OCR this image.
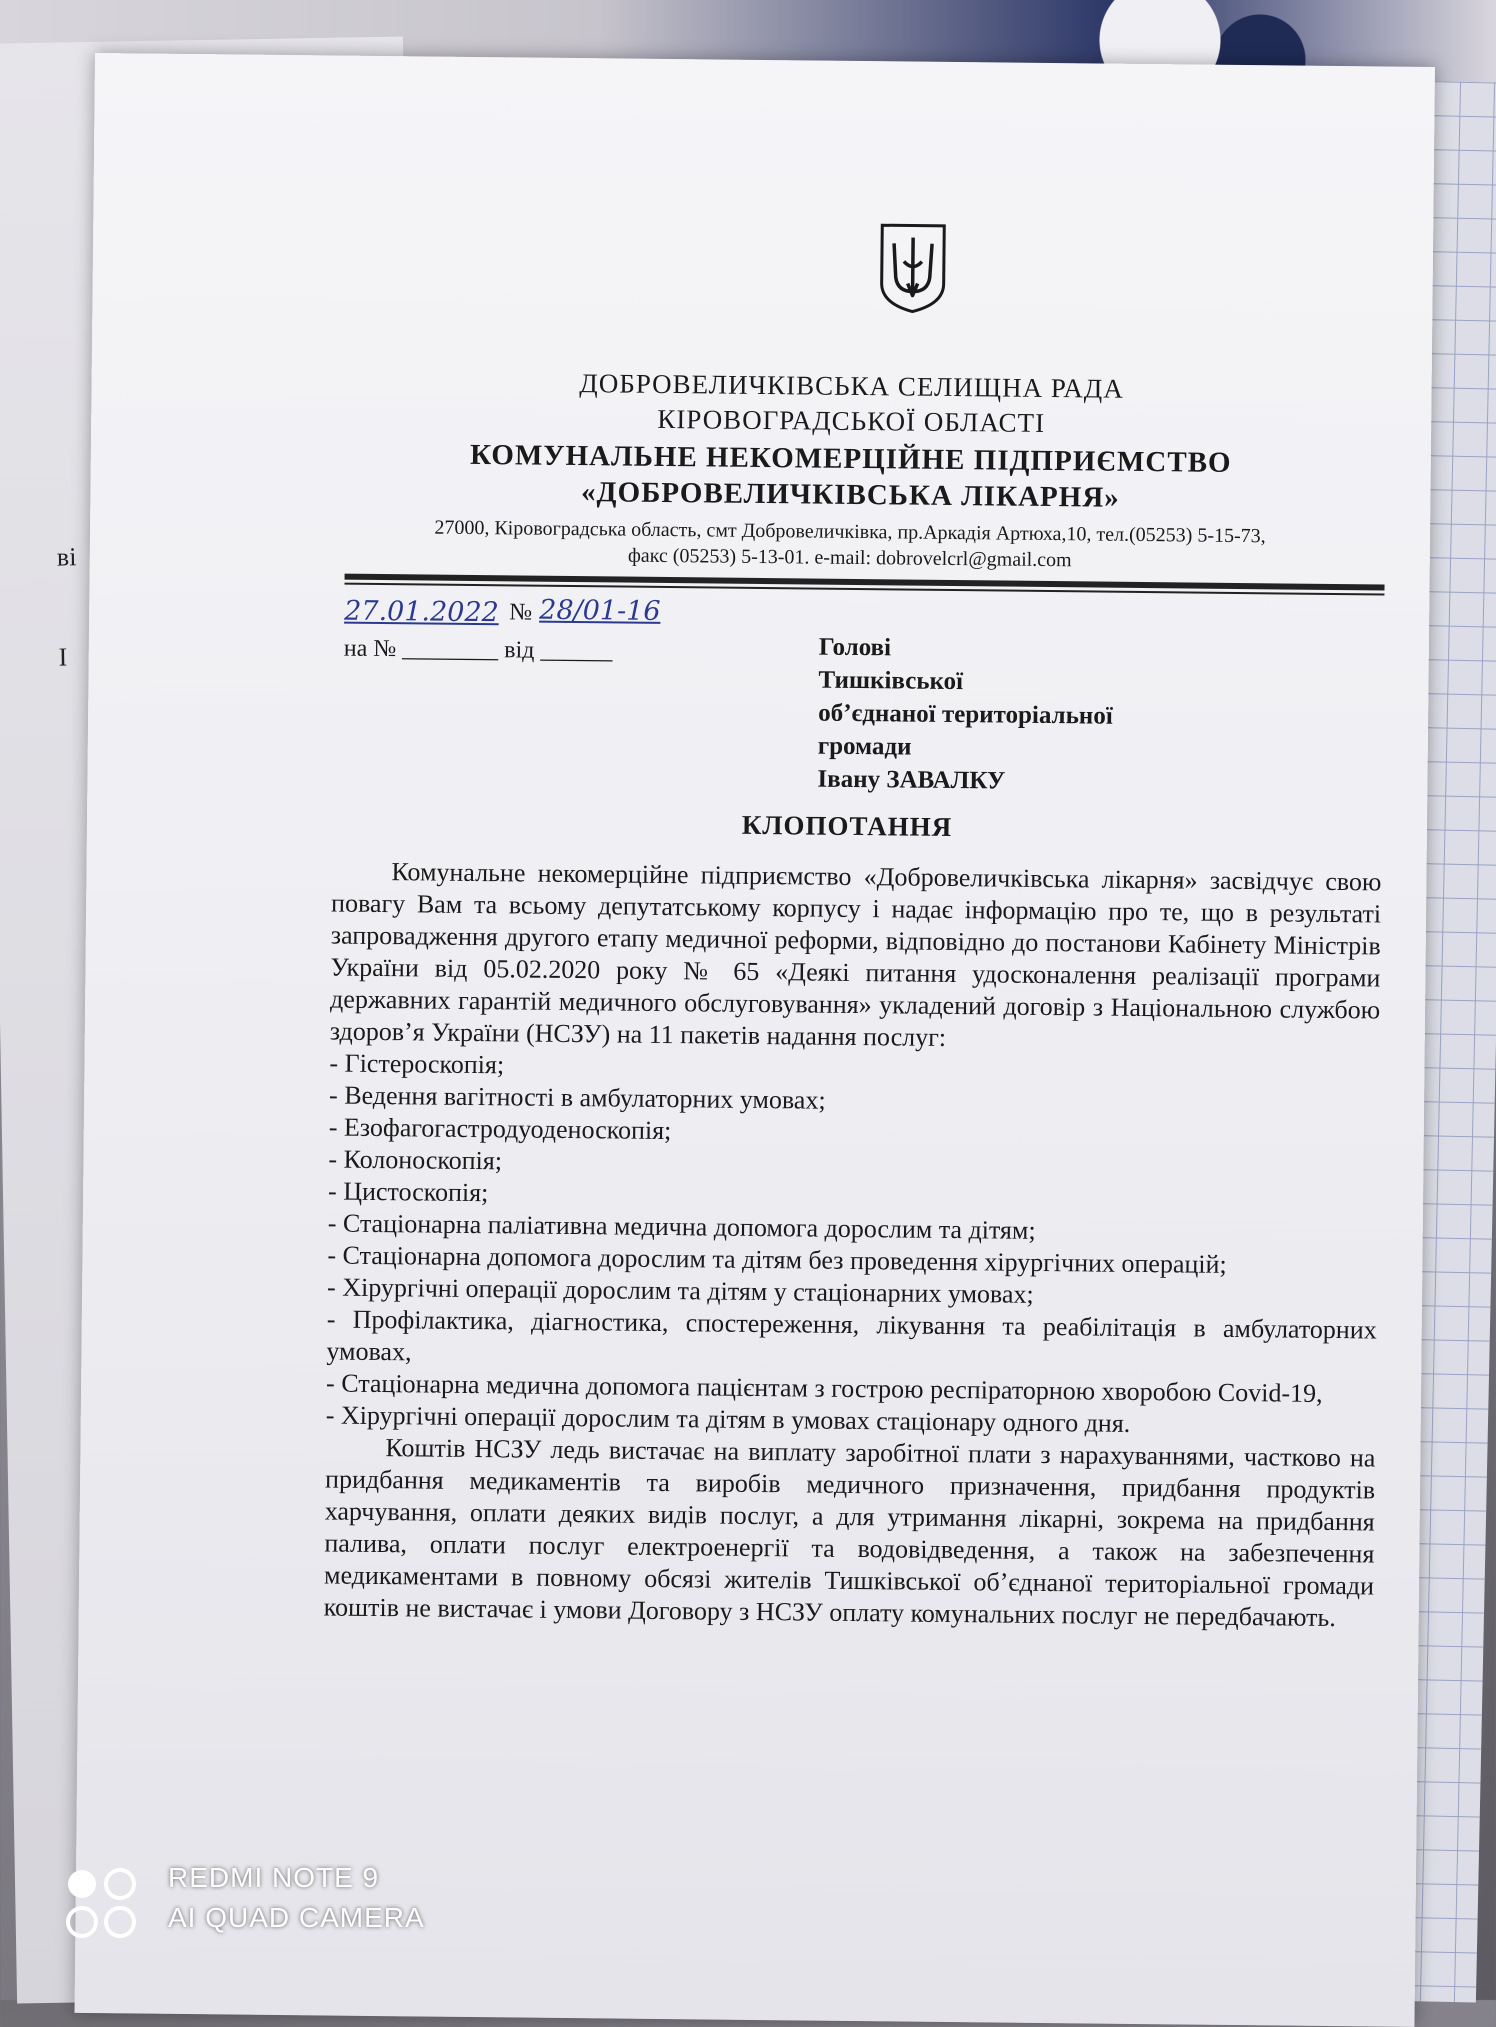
ві
І
ДОБРОВЕЛИЧКІВСЬКА СЕЛИЩНА РАДА
КІРОВОГРАДСЬКОЇ ОБЛАСТІ
КОМУНАЛЬНЕ НЕКОМЕРЦІЙНЕ ПІДПРИЄМСТВО
«ДОБРОВЕЛИЧКІВСЬКА ЛІКАРНЯ»
27000, Кіровоградська область, смт Добровеличківка, пр.Аркадія Артюха,10, тел.(05253) 5-15-73,
факс (05253) 5-13-01. e-mail: dobrovelcrl@gmail.com
27.01.2022 № 28/01-16
на № ________ від ______	Голові
Тишківської
об’єднаної територіальної
громади
Івану ЗАВАЛКУ
КЛОПОТАННЯ

Комунальне некомерційне підприємство «Добровеличківська лікарня» засвідчує свою повагу Вам та всьому депутатському корпусу і надає інформацію про те, що в результаті запровадження другого етапу медичної реформи, відповідно до постанови Кабінету Міністрів України від 05.02.2020 року № 65 «Деякі питання удосконалення реалізації програми державних гарантій медичного обслуговування» укладений договір з Національною службою здоров’я України (НСЗУ) на 11 пакетів надання послуг:

- Гістероскопія;
- Ведення вагітності в амбулаторних умовах;
- Езофагогастродуоденоскопія;
- Колоноскопія;
- Цистоскопія;
- Стаціонарна паліативна медична допомога дорослим та дітям;
- Стаціонарна допомога дорослим та дітям без проведення хірургічних операцій;
- Хірургічні операції дорослим та дітям у стаціонарних умовах;
- Профілактика, діагностика, спостереження, лікування та реабілітація в амбулаторних умовах,
- Стаціонарна медична допомога пацієнтам з гострою респіраторною хворобою Covid-19,
- Хірургічні операції дорослим та дітям в умовах стаціонару одного дня.

Коштів НСЗУ ледь вистачає на виплату заробітної плати з нарахуваннями, частково на придбання медикаментів та виробів медичного призначення, придбання продуктів харчування, оплати деяких видів послуг, а для утримання лікарні, зокрема на придбання палива, оплати послуг електроенергії та водовідведення, а також на забезпечення медикаментами в повному обсязі жителів Тишківської об’єднаної територіальної громади коштів не вистачає і умови Договору з НСЗУ оплату комунальних послуг не передбачають.

REDMI NOTE 9
AI QUAD CAMERA
